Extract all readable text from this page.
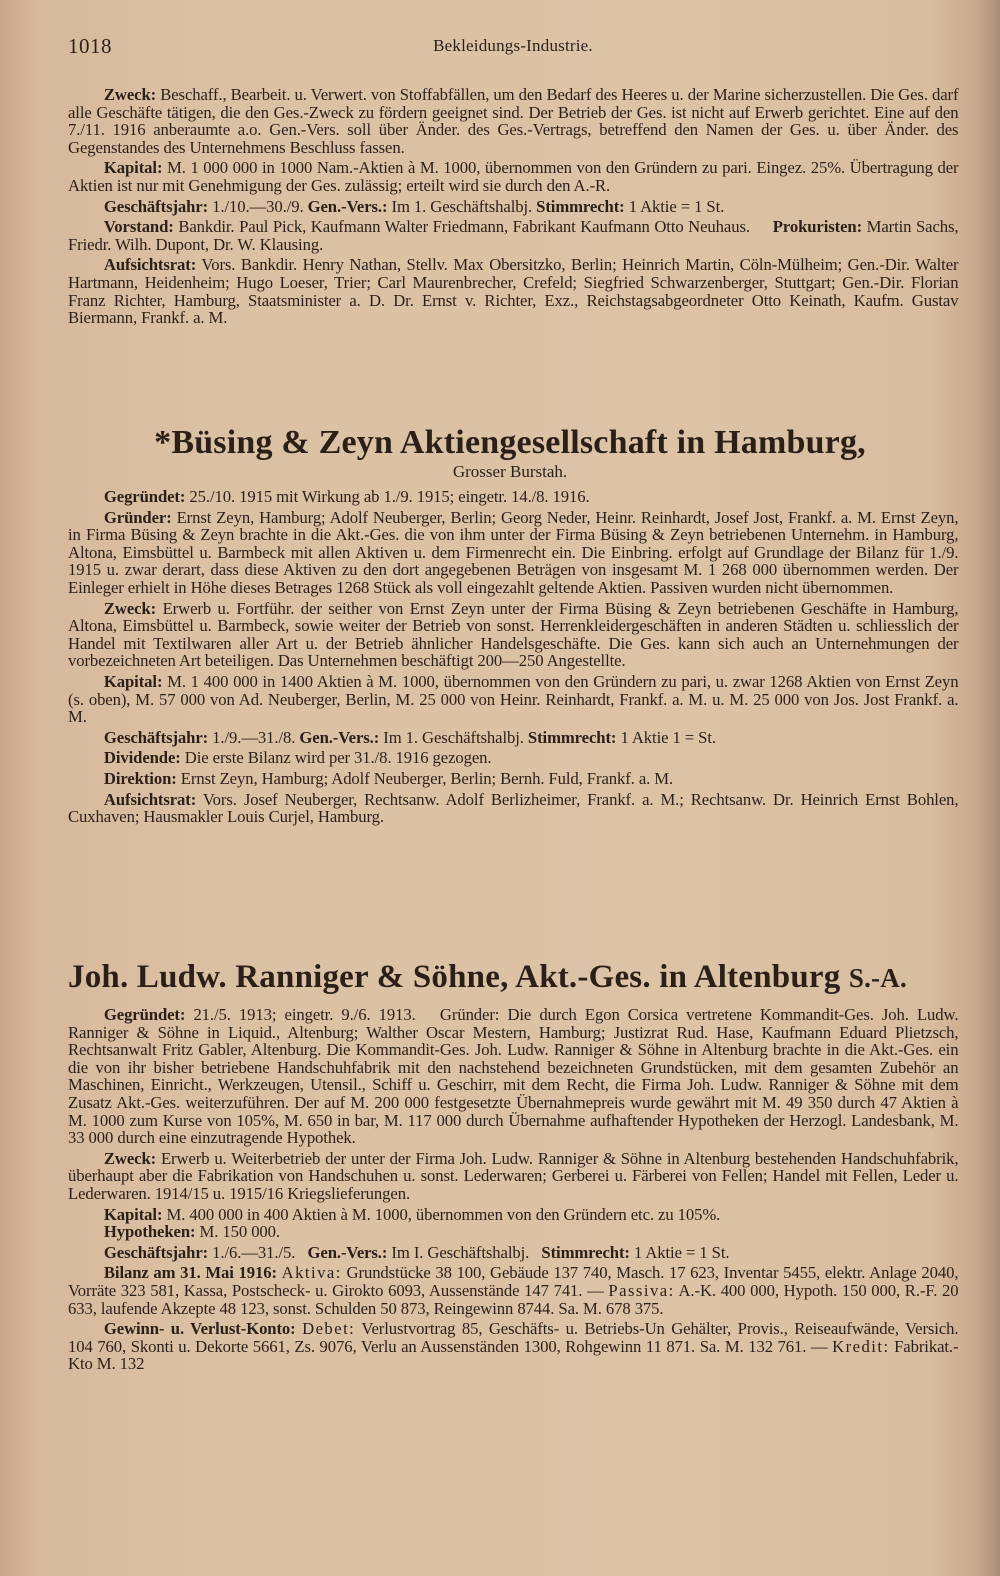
1018	Bekleidungs-Industrie.

Zweck: Beschaff., Bearbeit. u. Verwert. von Stoffabfällen, um den Bedarf des Heeres u. der Marine sicherzustellen. Die Ges. darf alle Geschäfte tätigen, die den Ges.-Zweck zu fördern geeignet sind. Der Betrieb der Ges. ist nicht auf Erwerb gerichtet. Eine auf den 7./11. 1916 anberaumte a.o. Gen.-Vers. soll über Änder. des Ges.-Vertrags, betreffend den Namen der Ges. u. über Änder. des Gegenstandes des Unternehmens Beschluss fassen.

Kapital: M. 1 000 000 in 1000 Nam.-Aktien à M. 1000, übernommen von den Gründern zu pari. Eingez. 25%. Übertragung der Aktien ist nur mit Genehmigung der Ges. zulässig; erteilt wird sie durch den A.-R.

Geschäftsjahr: 1./10.—30./9. Gen.-Vers.: Im 1. Geschäftshalbj. Stimmrecht: 1 Aktie = 1 St.

Vorstand: Bankdir. Paul Pick, Kaufmann Walter Friedmann, Fabrikant Kaufmann Otto Neuhaus. Prokuristen: Martin Sachs, Friedr. Wilh. Dupont, Dr. W. Klausing.

Aufsichtsrat: Vors. Bankdir. Henry Nathan, Stellv. Max Obersitzko, Berlin; Heinrich Martin, Cöln-Mülheim; Gen.-Dir. Walter Hartmann, Heidenheim; Hugo Loeser, Trier; Carl Maurenbrecher, Crefeld; Siegfried Schwarzenberger, Stuttgart; Gen.-Dir. Florian Franz Richter, Hamburg, Staatsminister a. D. Dr. Ernst v. Richter, Exz., Reichstagsabgeordneter Otto Keinath, Kaufm. Gustav Biermann, Frankf. a. M.

*Büsing & Zeyn Aktiengesellschaft in Hamburg,

Grosser Burstah.

Gegründet: 25./10. 1915 mit Wirkung ab 1./9. 1915; eingetr. 14./8. 1916.

Gründer: Ernst Zeyn, Hamburg; Adolf Neuberger, Berlin; Georg Neder, Heinr. Reinhardt, Josef Jost, Frankf. a. M. Ernst Zeyn, in Firma Büsing & Zeyn brachte in die Akt.-Ges. die von ihm unter der Firma Büsing & Zeyn betriebenen Unternehm. in Hamburg, Altona, Eimsbüttel u. Barmbeck mit allen Aktiven u. dem Firmenrecht ein. Die Einbring. erfolgt auf Grundlage der Bilanz für 1./9. 1915 u. zwar derart, dass diese Aktiven zu den dort angegebenen Beträgen von insgesamt M. 1 268 000 übernommen werden. Der Einleger erhielt in Höhe dieses Betrages 1268 Stück als voll eingezahlt geltende Aktien. Passiven wurden nicht übernommen.

Zweck: Erwerb u. Fortführ. der seither von Ernst Zeyn unter der Firma Büsing & Zeyn betriebenen Geschäfte in Hamburg, Altona, Eimsbüttel u. Barmbeck, sowie weiter der Betrieb von sonst. Herrenkleidergeschäften in anderen Städten u. schliesslich der Handel mit Textilwaren aller Art u. der Betrieb ähnlicher Handelsgeschäfte. Die Ges. kann sich auch an Unternehmungen der vorbezeichneten Art beteiligen. Das Unternehmen beschäftigt 200—250 Angestellte.

Kapital: M. 1 400 000 in 1400 Aktien à M. 1000, übernommen von den Gründern zu pari, u. zwar 1268 Aktien von Ernst Zeyn (s. oben), M. 57 000 von Ad. Neuberger, Berlin, M. 25 000 von Heinr. Reinhardt, Frankf. a. M. u. M. 25 000 von Jos. Jost Frankf. a. M.

Geschäftsjahr: 1./9.—31./8. Gen.-Vers.: Im 1. Geschäftshalbj. Stimmrecht: 1 Aktie 1 = St.

Dividende: Die erste Bilanz wird per 31./8. 1916 gezogen.

Direktion: Ernst Zeyn, Hamburg; Adolf Neuberger, Berlin; Bernh. Fuld, Frankf. a. M.

Aufsichtsrat: Vors. Josef Neuberger, Rechtsanw. Adolf Berlizheimer, Frankf. a. M.; Rechtsanw. Dr. Heinrich Ernst Bohlen, Cuxhaven; Hausmakler Louis Curjel, Hamburg.

Joh. Ludw. Ranniger & Söhne, Akt.-Ges. in Altenburg S.-A.

Gegründet: 21./5. 1913; eingetr. 9./6. 1913. Gründer: Die durch Egon Corsica vertretene Kommandit-Ges. Joh. Ludw. Ranniger & Söhne in Liquid., Altenburg; Walther Oscar Mestern, Hamburg; Justizrat Rud. Hase, Kaufmann Eduard Plietzsch, Rechtsanwalt Fritz Gabler, Altenburg. Die Kommandit-Ges. Joh. Ludw. Ranniger & Söhne in Altenburg brachte in die Akt.-Ges. ein die von ihr bisher betriebene Handschuhfabrik mit den nachstehend bezeichneten Grundstücken, mit dem gesamten Zubehör an Maschinen, Einricht., Werkzeugen, Utensil., Schiff u. Geschirr, mit dem Recht, die Firma Joh. Ludw. Ranniger & Söhne mit dem Zusatz Akt.-Ges. weiterzuführen. Der auf M. 200 000 festgesetzte Übernahmepreis wurde gewährt mit M. 49 350 durch 47 Aktien à M. 1000 zum Kurse von 105%, M. 650 in bar, M. 117 000 durch Übernahme aufhaftender Hypotheken der Herzogl. Landesbank, M. 33 000 durch eine einzutragende Hypothek.

Zweck: Erwerb u. Weiterbetrieb der unter der Firma Joh. Ludw. Ranniger & Söhne in Altenburg bestehenden Handschuhfabrik, überhaupt aber die Fabrikation von Handschuhen u. sonst. Lederwaren; Gerberei u. Färberei von Fellen; Handel mit Fellen, Leder u. Lederwaren. 1914/15 u. 1915/16 Kriegslieferungen.

Kapital: M. 400 000 in 400 Aktien à M. 1000, übernommen von den Gründern etc. zu 105%.

Hypotheken: M. 150 000.

Geschäftsjahr: 1./6.—31./5. Gen.-Vers.: Im I. Geschäftshalbj. Stimmrecht: 1 Aktie = 1 St.

Bilanz am 31. Mai 1916: Aktiva: Grundstücke 38 100, Gebäude 137 740, Masch. 17 623, Inventar 5455, elektr. Anlage 2040, Vorräte 323 581, Kassa, Postscheck- u. Girokto 6093, Aussenstände 147 741. — Passiva: A.-K. 400 000, Hypoth. 150 000, R.-F. 20 633, laufende Akzepte 48 123, sonst. Schulden 50 873, Reingewinn 8744. Sa. M. 678 375.

Gewinn- u. Verlust-Konto: Debet: Verlustvortrag 85, Geschäfts- u. Betriebs-Un Gehälter, Provis., Reiseaufwände, Versich. 104 760, Skonti u. Dekorte 5661, Zs. 9076, Verlu an Aussenständen 1300, Rohgewinn 11 871. Sa. M. 132 761. — Kredit: Fabrikat.-Kto M. 132
